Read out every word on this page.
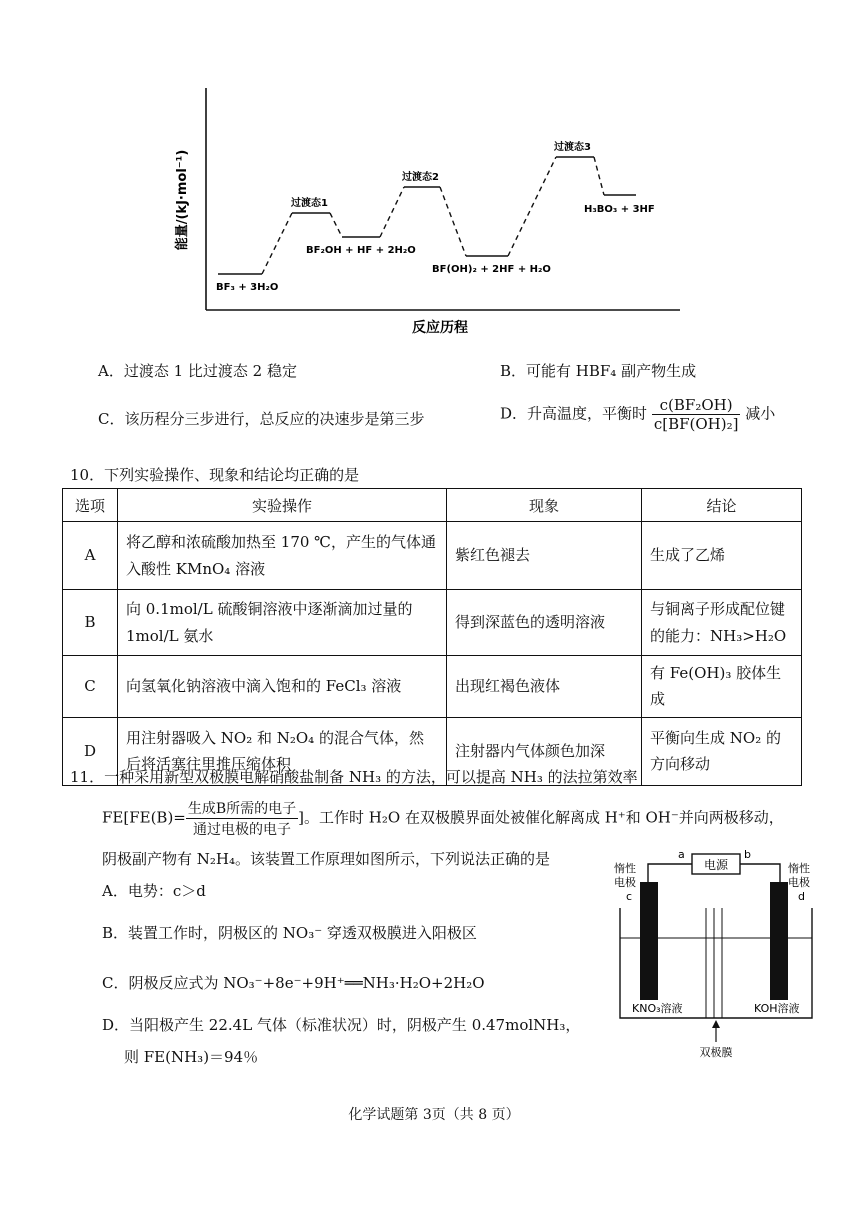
能量/(kJ·mol⁻¹)
BF₃ + 3H₂O
过渡态1
BF₂OH + HF + 2H₂O
过渡态2
BF(OH)₂ + 2HF + H₂O
过渡态3
H₃BO₃ + 3HF
反应历程
A．过渡态 1 比过渡态 2 稳定	B．可能有 HBF₄ 副产物生成
C．该历程分三步进行，总反应的决速步是第三步	D．升高温度，平衡时 $\frac{\text{c(BF₂OH)}}{\text{c[BF(OH)₂]}}$ 减小
10．下列实验操作、现象和结论均正确的是
选项	实验操作	现象	结论
A	将乙醇和浓硫酸加热至 170 ℃，产生的气体通入酸性 KMnO₄ 溶液	紫红色褪去	生成了乙烯
B	向 0.1mol/L 硫酸铜溶液中逐渐滴加过量的 1mol/L 氨水	得到深蓝色的透明溶液	与铜离子形成配位键的能力：NH₃>H₂O
C	向氢氧化钠溶液中滴入饱和的 FeCl₃ 溶液	出现红褐色液体	有 Fe(OH)₃ 胶体生成
D	用注射器吸入 NO₂ 和 N₂O₄ 的混合气体，然后将活塞往里推压缩体积	注射器内气体颜色加深	平衡向生成 NO₂ 的方向移动
11．一种采用新型双极膜电解硝酸盐制备 NH₃ 的方法，可以提高 NH₃ 的法拉第效率
$FE[FE(B)= \frac{\text{生成B所需的电子}}{\text{通过电极的电子}}$ ]。工作时 H₂O 在双极膜界面处被催化解离成 H⁺和 OH⁻并向两极移动，
阴极副产物有 N₂H₄。该装置工作原理如图所示，下列说法正确的是
A．电势：c＞d
B．装置工作时，阴极区的 NO₃⁻ 穿透双极膜进入阳极区
C．阴极反应式为 NO₃⁻+8e⁻+9H⁺══NH₃·H₂O+2H₂O
D．当阳极产生 22.4L 气体（标准状况）时，阴极产生 0.47molNH₃，
则 FE(NH₃)＝94％
电源
a	b
惰性
电极
c
惰性
电极
d
KNO₃溶液	KOH溶液
双极膜
化学试题第 3页（共 8 页）
